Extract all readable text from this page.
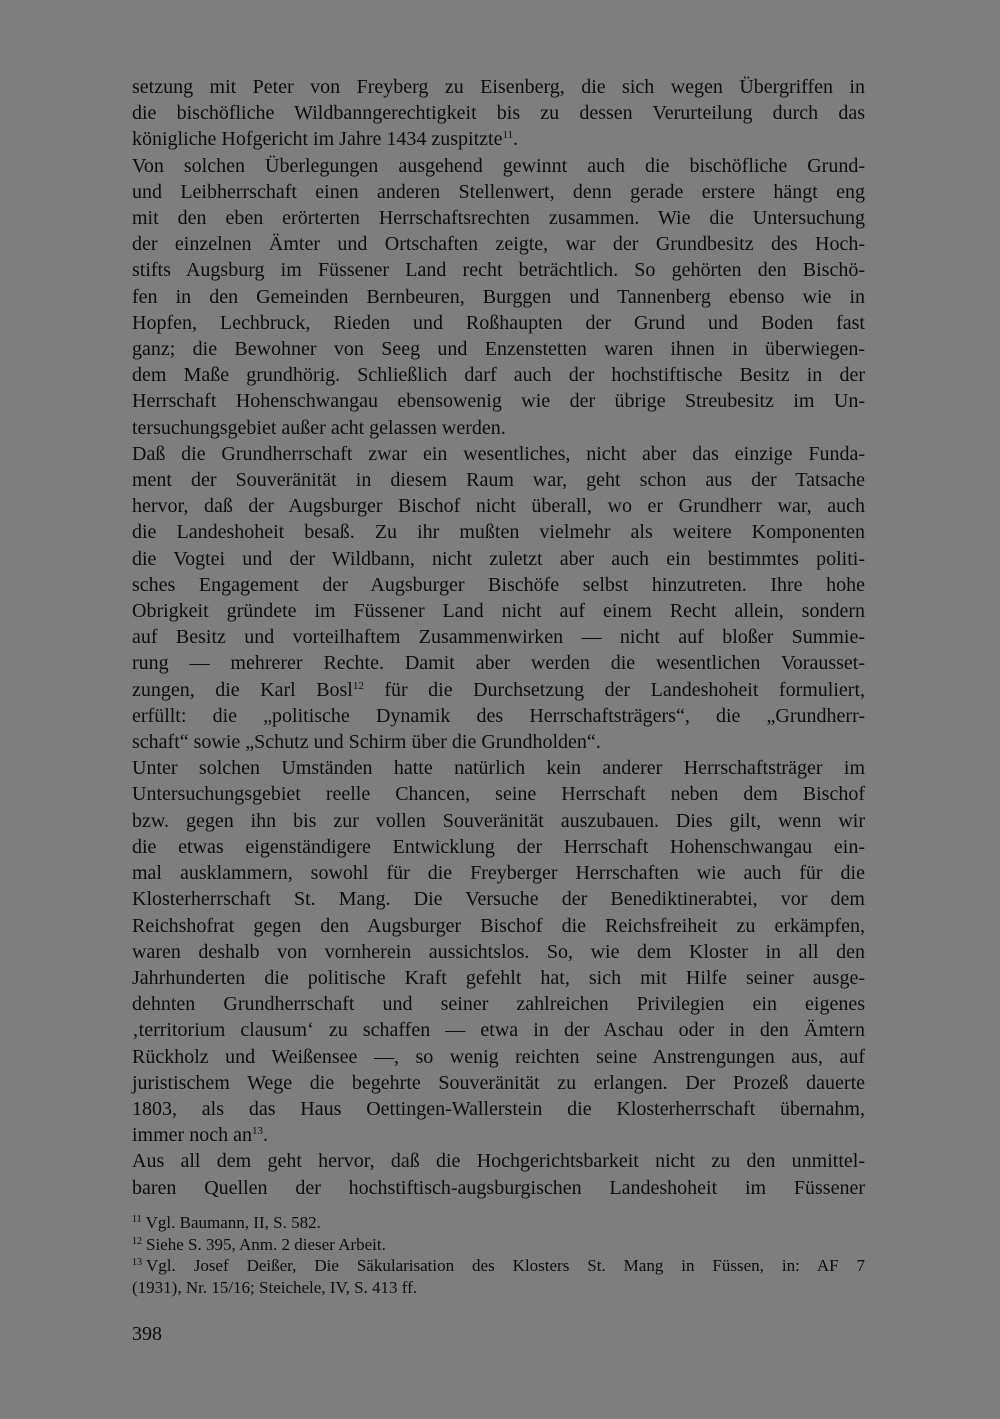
setzung mit Peter von Freyberg zu Eisenberg, die sich wegen Übergriffen in
die bischöfliche Wildbanngerechtigkeit bis zu dessen Verurteilung durch das
königliche Hofgericht im Jahre 1434 zuspitzte$^{11}$.

Von solchen Überlegungen ausgehend gewinnt auch die bischöfliche Grund-
und Leibherrschaft einen anderen Stellenwert, denn gerade erstere hängt eng
mit den eben erörterten Herrschaftsrechten zusammen. Wie die Untersuchung
der einzelnen Ämter und Ortschaften zeigte, war der Grundbesitz des Hoch-
stifts Augsburg im Füssener Land recht beträchtlich. So gehörten den Bischö-
fen in den Gemeinden Bernbeuren, Burggen und Tannenberg ebenso wie in
Hopfen, Lechbruck, Rieden und Roßhaupten der Grund und Boden fast
ganz; die Bewohner von Seeg und Enzenstetten waren ihnen in überwiegen-
dem Maße grundhörig. Schließlich darf auch der hochstiftische Besitz in der
Herrschaft Hohenschwangau ebensowenig wie der übrige Streubesitz im Un-
tersuchungsgebiet außer acht gelassen werden.

Daß die Grundherrschaft zwar ein wesentliches, nicht aber das einzige Funda-
ment der Souveränität in diesem Raum war, geht schon aus der Tatsache
hervor, daß der Augsburger Bischof nicht überall, wo er Grundherr war, auch
die Landeshoheit besaß. Zu ihr mußten vielmehr als weitere Komponenten
die Vogtei und der Wildbann, nicht zuletzt aber auch ein bestimmtes politi-
sches Engagement der Augsburger Bischöfe selbst hinzutreten. Ihre hohe
Obrigkeit gründete im Füssener Land nicht auf einem Recht allein, sondern
auf Besitz und vorteilhaftem Zusammenwirken — nicht auf bloßer Summie-
rung — mehrerer Rechte. Damit aber werden die wesentlichen Vorausset-
zungen, die Karl Bosl$^{12}$ für die Durchsetzung der Landeshoheit formuliert,
erfüllt: die „politische Dynamik des Herrschaftsträgers“, die „Grundherr-
schaft“ sowie „Schutz und Schirm über die Grundholden“.

Unter solchen Umständen hatte natürlich kein anderer Herrschaftsträger im
Untersuchungsgebiet reelle Chancen, seine Herrschaft neben dem Bischof
bzw. gegen ihn bis zur vollen Souveränität auszubauen. Dies gilt, wenn wir
die etwas eigenständigere Entwicklung der Herrschaft Hohenschwangau ein-
mal ausklammern, sowohl für die Freyberger Herrschaften wie auch für die
Klosterherrschaft St. Mang. Die Versuche der Benediktinerabtei, vor dem
Reichshofrat gegen den Augsburger Bischof die Reichsfreiheit zu erkämpfen,
waren deshalb von vornherein aussichtslos. So, wie dem Kloster in all den
Jahrhunderten die politische Kraft gefehlt hat, sich mit Hilfe seiner ausge-
dehnten Grundherrschaft und seiner zahlreichen Privilegien ein eigenes
‚territorium clausum‘ zu schaffen — etwa in der Aschau oder in den Ämtern
Rückholz und Weißensee —, so wenig reichten seine Anstrengungen aus, auf
juristischem Wege die begehrte Souveränität zu erlangen. Der Prozeß dauerte
1803, als das Haus Oettingen-Wallerstein die Klosterherrschaft übernahm,
immer noch $an^{13}$.

Aus all dem geht hervor, daß die Hochgerichtsbarkeit nicht zu den unmittel-
baren Quellen der hochstiftisch-augsburgischen Landeshoheit im Füssener

$^{11}$ Vgl. Baumann, II, S. 582.
$^{12}$ Siehe S. 395, Anm. 2 dieser Arbeit.
$^{13}$ Vgl. Josef Deißer, Die Säkularisation des Klosters St. Mang in Füssen, in: AF 7
(1931), Nr. 15/16; Steichele, IV, S. 413 ff.
398
